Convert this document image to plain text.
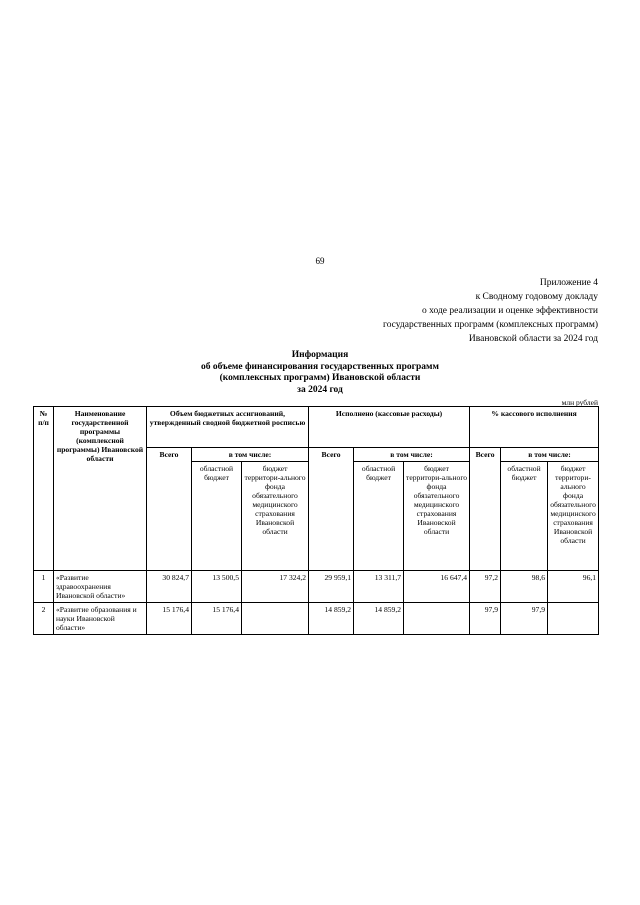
69
Приложение 4
к Сводному годовому докладу
о ходе реализации и оценке эффективности
государственных программ (комплексных программ)
Ивановской области за 2024 год
Информация
об объеме финансирования государственных программ
(комплексных программ) Ивановской области
за 2024 год
млн рублей
№ п/п	Наименование государственной программы (комплексной программы) Ивановской области	Объем бюджетных ассигнований, утвержденный сводной бюджетной росписью			Исполнено (кассовые расходы)			% кассового исполнения		
		Всего	в том числе:		Всего	в том числе:		Всего	в том числе:	
			областной бюджет	бюджет территори-ального фонда обязательного медицинского страхования Ивановской области		областной бюджет	бюджет территори-ального фонда обязательного медицинского страхования Ивановской области		областной бюджет	бюджет территори-ального фонда обязательного медицинского страхования Ивановской области
1	«Развитие здравоохранения Ивановской области»	30 824,7	13 500,5	17 324,2	29 959,1	13 311,7	16 647,4	97,2	98,6	96,1
2	«Развитие образования и науки Ивановской области»	15 176,4	15 176,4		14 859,2	14 859,2		97,9	97,9	
